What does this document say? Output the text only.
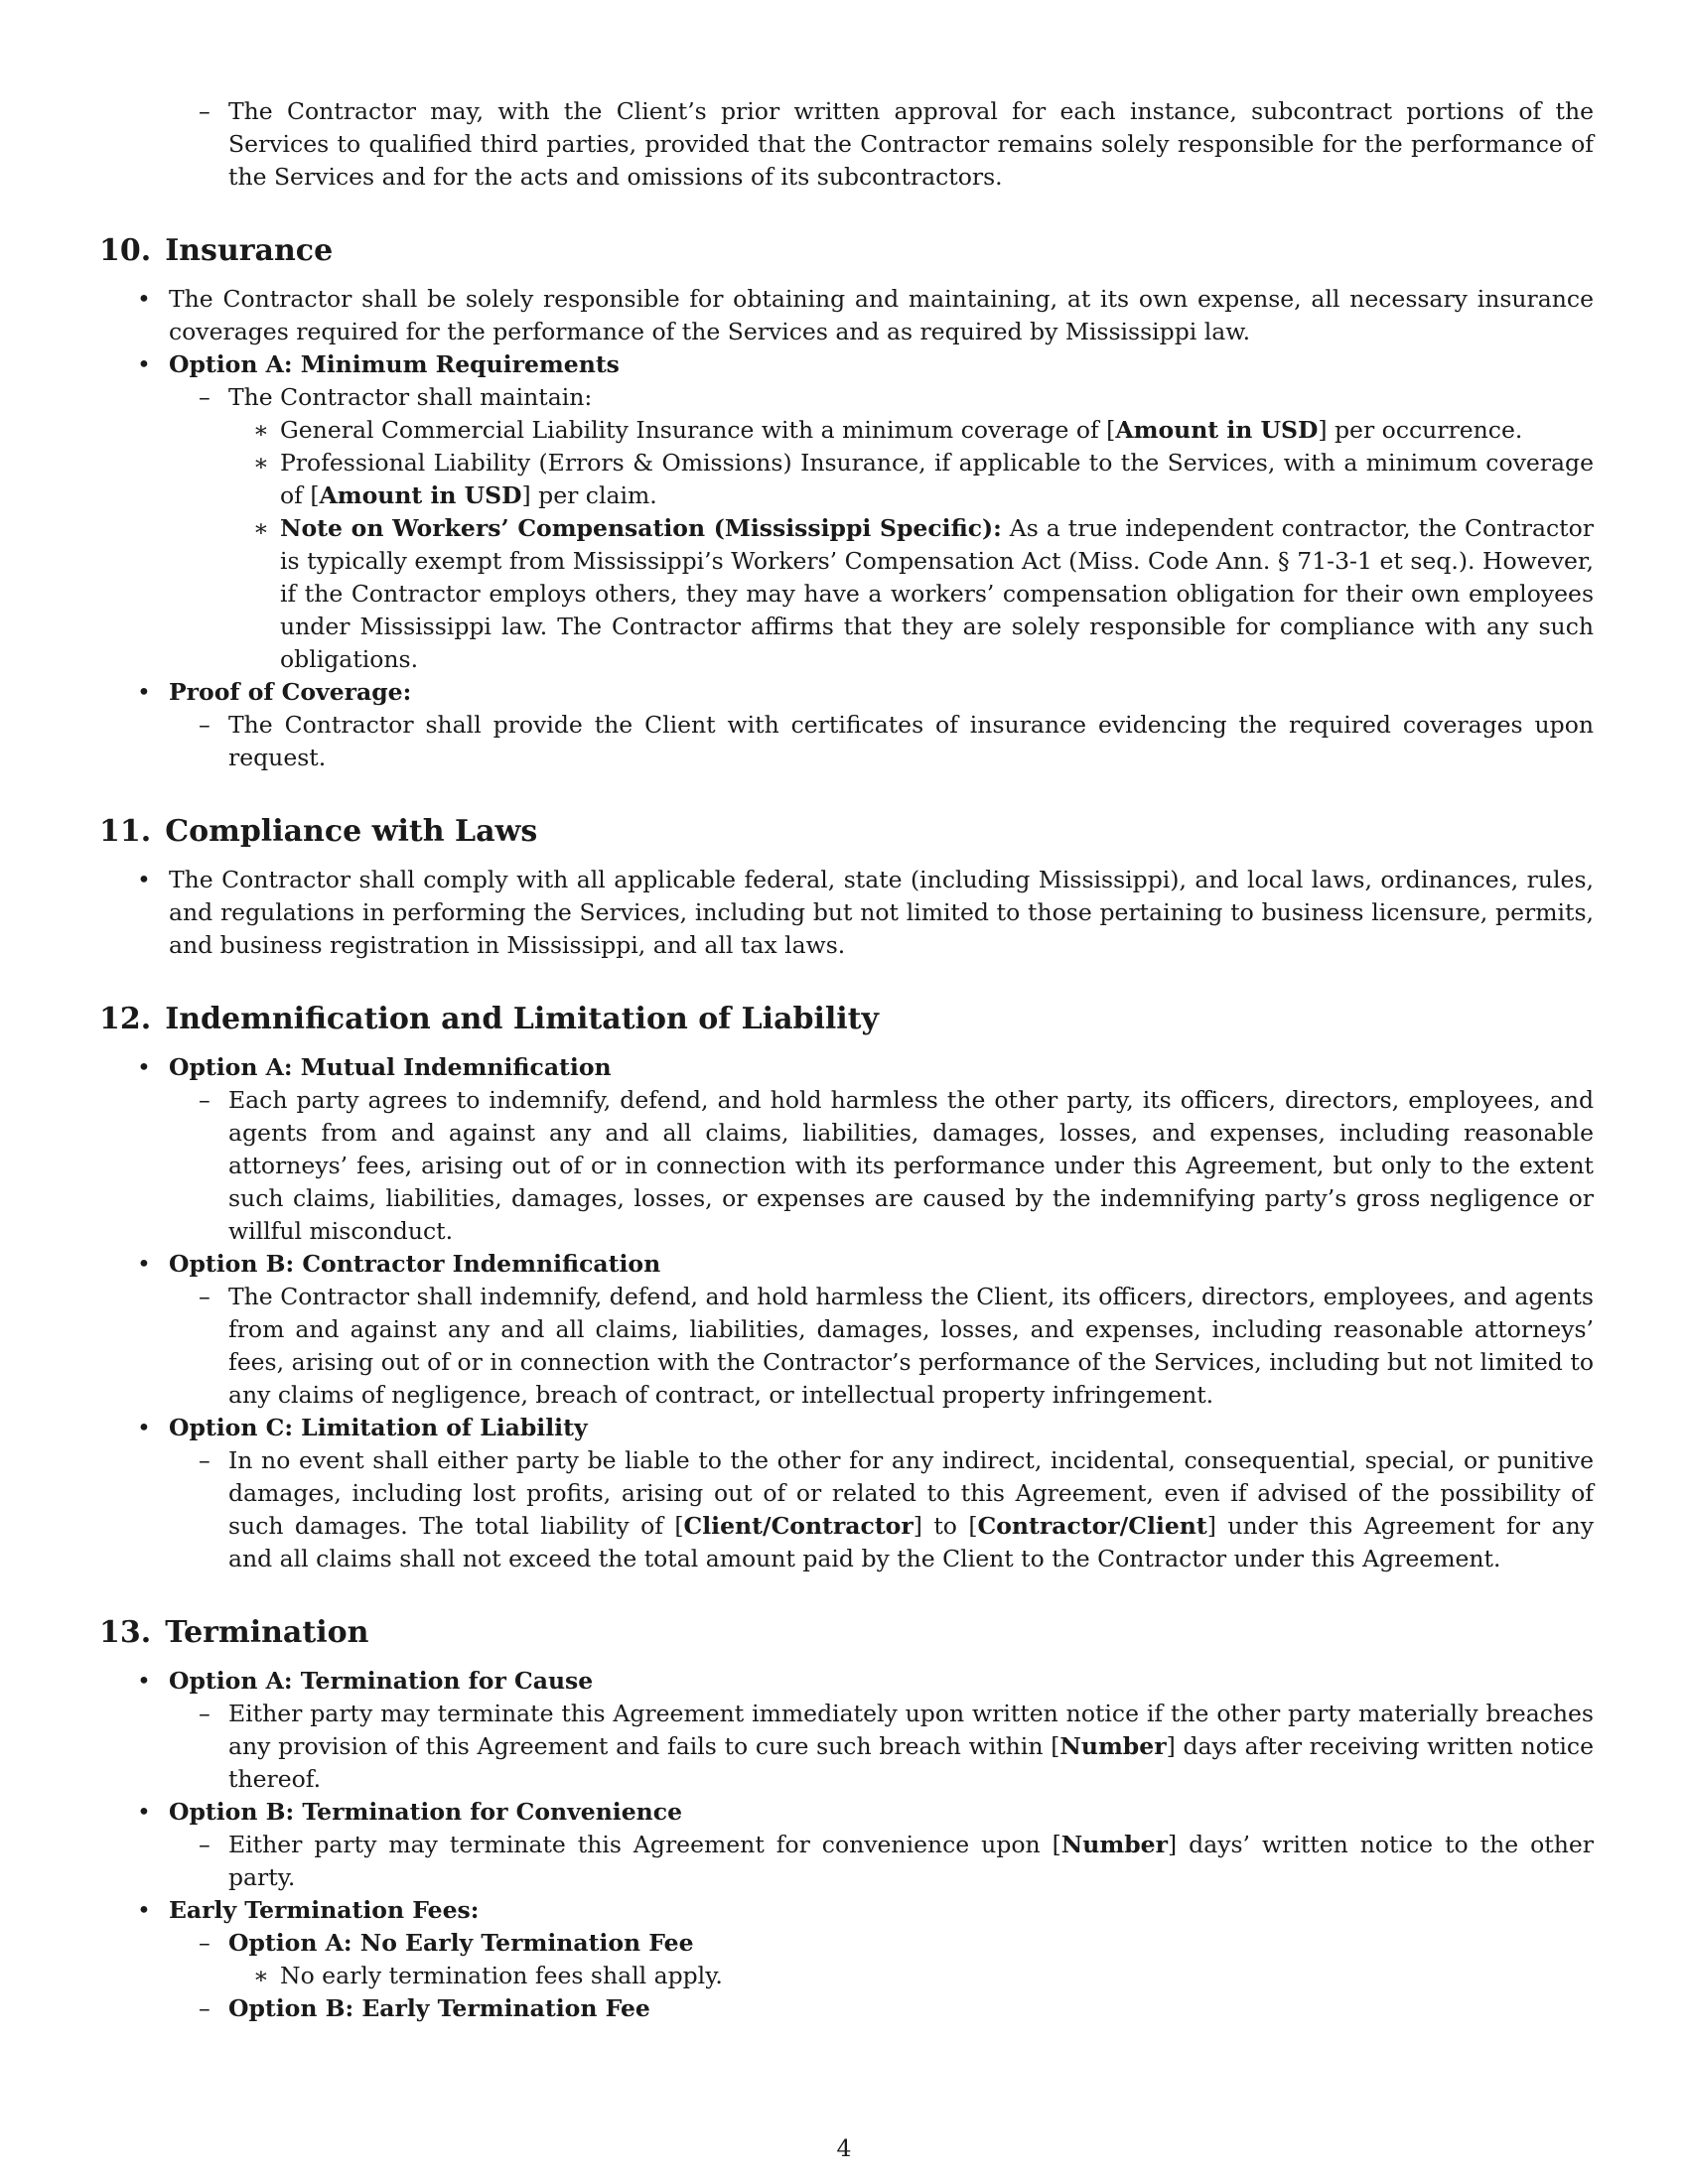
– The Contractor may, with the Client’s prior written approval for each instance, subcontract portions of the Services to qualified third parties, provided that the Contractor remains solely responsible for the performance of the Services and for the acts and omissions of its subcontractors.
10. Insurance
• The Contractor shall be solely responsible for obtaining and maintaining, at its own expense, all necessary insurance coverages required for the performance of the Services and as required by Mississippi law.
• Option A: Minimum Requirements
– The Contractor shall maintain:
∗ General Commercial Liability Insurance with a minimum coverage of [Amount in USD] per occurrence.
∗ Professional Liability (Errors & Omissions) Insurance, if applicable to the Services, with a minimum coverage of [Amount in USD] per claim.
∗ Note on Workers’ Compensation (Mississippi Specific): As a true independent contractor, the Contractor is typically exempt from Mississippi’s Workers’ Compensation Act (Miss. Code Ann. § 71-3-1 et seq.). However, if the Contractor employs others, they may have a workers’ compensation obligation for their own employees under Mississippi law. The Contractor affirms that they are solely responsible for compliance with any such obligations.
• Proof of Coverage:
– The Contractor shall provide the Client with certificates of insurance evidencing the required coverages upon request.
11. Compliance with Laws
• The Contractor shall comply with all applicable federal, state (including Mississippi), and local laws, ordinances, rules, and regulations in performing the Services, including but not limited to those pertaining to business licensure, permits, and business registration in Mississippi, and all tax laws.
12. Indemnification and Limitation of Liability
• Option A: Mutual Indemnification
– Each party agrees to indemnify, defend, and hold harmless the other party, its officers, directors, employees, and agents from and against any and all claims, liabilities, damages, losses, and expenses, including reasonable attorneys’ fees, arising out of or in connection with its performance under this Agreement, but only to the extent such claims, liabilities, damages, losses, or expenses are caused by the indemnifying party’s gross negligence or willful misconduct.
• Option B: Contractor Indemnification
– The Contractor shall indemnify, defend, and hold harmless the Client, its officers, directors, employees, and agents from and against any and all claims, liabilities, damages, losses, and expenses, including reasonable attorneys’ fees, arising out of or in connection with the Contractor’s performance of the Services, including but not limited to any claims of negligence, breach of contract, or intellectual property infringement.
• Option C: Limitation of Liability
– In no event shall either party be liable to the other for any indirect, incidental, consequential, special, or punitive damages, including lost profits, arising out of or related to this Agreement, even if advised of the possibility of such damages. The total liability of [Client/Contractor] to [Contractor/Client] under this Agreement for any and all claims shall not exceed the total amount paid by the Client to the Contractor under this Agreement.
13. Termination
• Option A: Termination for Cause
– Either party may terminate this Agreement immediately upon written notice if the other party materially breaches any provision of this Agreement and fails to cure such breach within [Number] days after receiving written notice thereof.
• Option B: Termination for Convenience
– Either party may terminate this Agreement for convenience upon [Number] days’ written notice to the other party.
• Early Termination Fees:
– Option A: No Early Termination Fee
∗ No early termination fees shall apply.
– Option B: Early Termination Fee
4
